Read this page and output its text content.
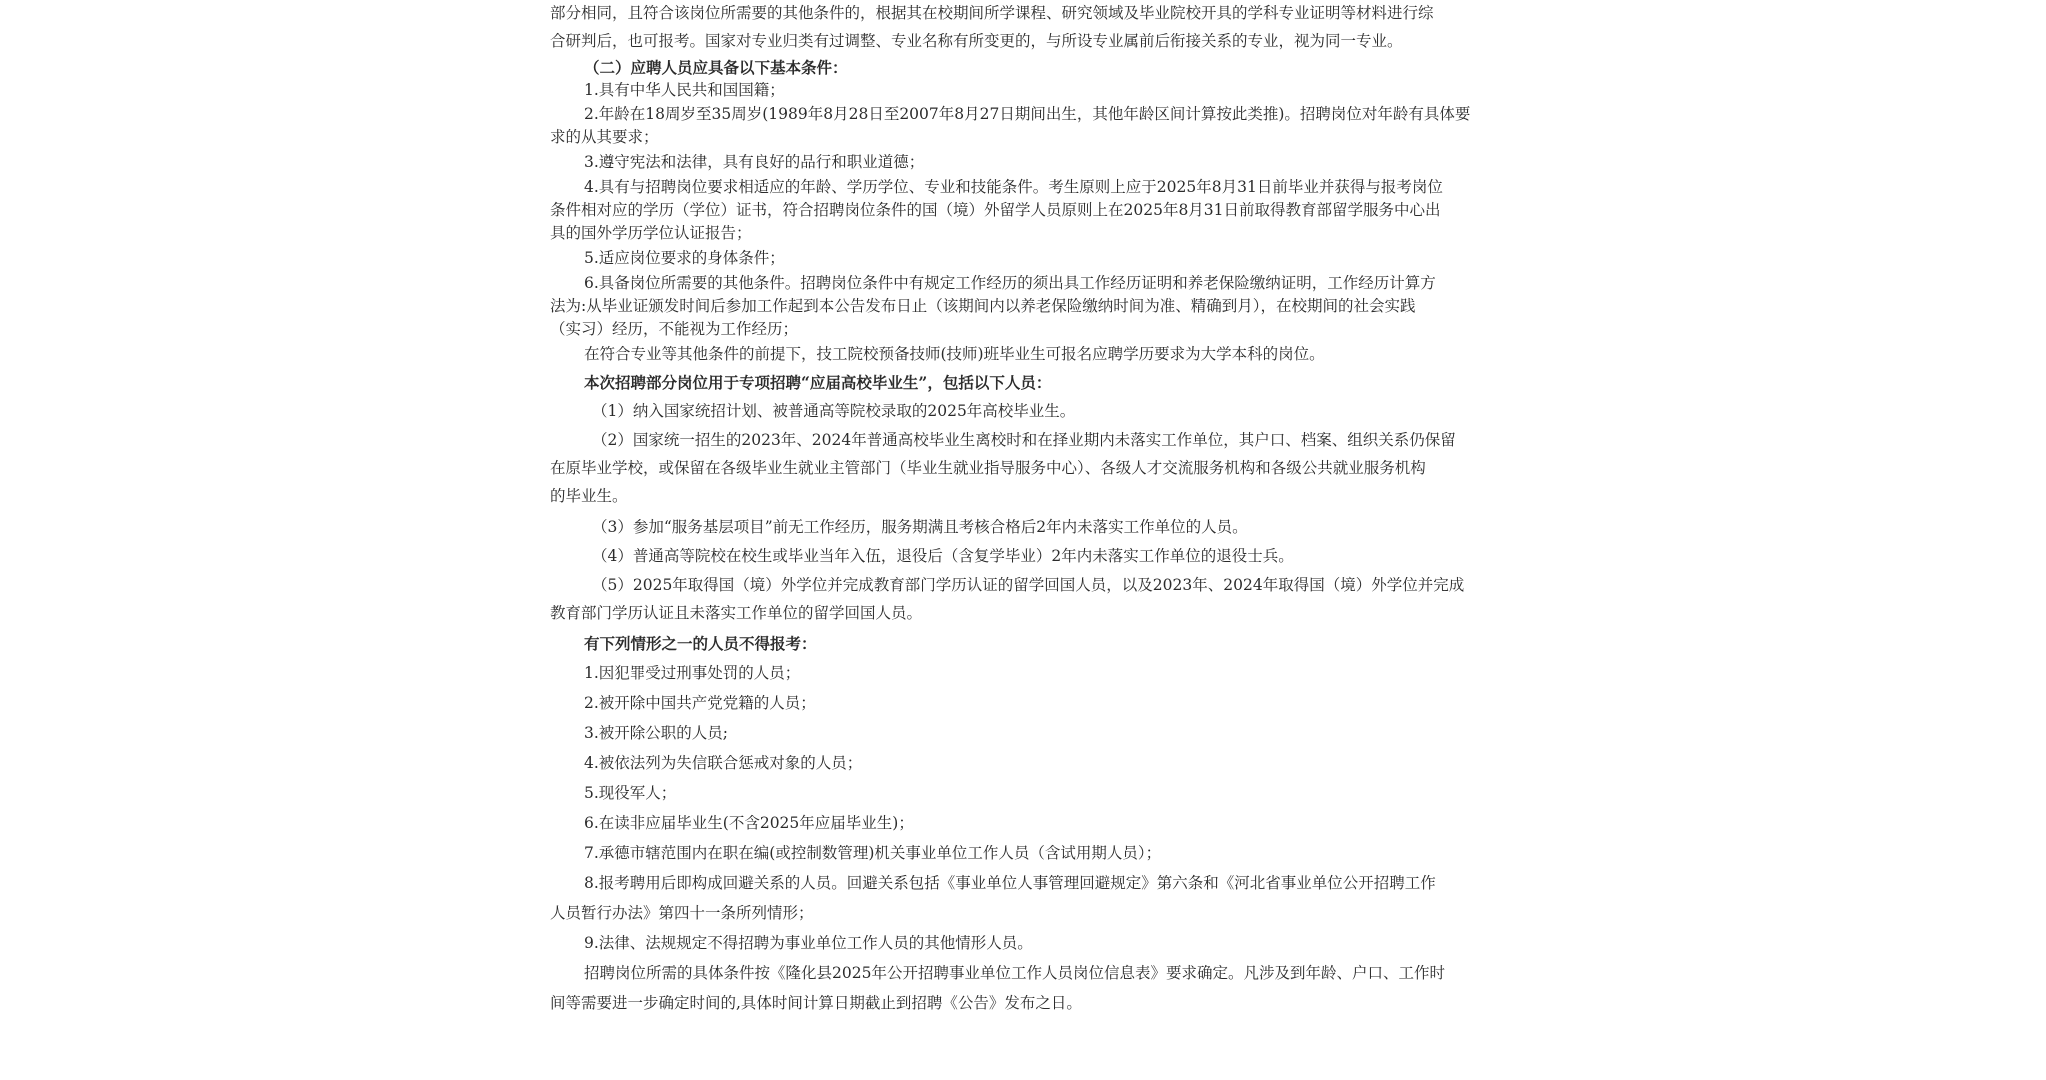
部分相同，且符合该岗位所需要的其他条件的，根据其在校期间所学课程、研究领域及毕业院校开具的学科专业证明等材料进行综
合研判后，也可报考。国家对专业归类有过调整、专业名称有所变更的，与所设专业属前后衔接关系的专业，视为同一专业。

（二）应聘人员应具备以下基本条件：

1.具有中华人民共和国国籍；

2.年龄在18周岁至35周岁(1989年8月28日至2007年8月27日期间出生，其他年龄区间计算按此类推)。招聘岗位对年龄有具体要
求的从其要求；

3.遵守宪法和法律，具有良好的品行和职业道德；

4.具有与招聘岗位要求相适应的年龄、学历学位、专业和技能条件。考生原则上应于2025年8月31日前毕业并获得与报考岗位
条件相对应的学历（学位）证书，符合招聘岗位条件的国（境）外留学人员原则上在2025年8月31日前取得教育部留学服务中心出
具的国外学历学位认证报告；

5.适应岗位要求的身体条件；

6.具备岗位所需要的其他条件。招聘岗位条件中有规定工作经历的须出具工作经历证明和养老保险缴纳证明，工作经历计算方
法为:从毕业证颁发时间后参加工作起到本公告发布日止（该期间内以养老保险缴纳时间为准、精确到月），在校期间的社会实践
（实习）经历，不能视为工作经历；

在符合专业等其他条件的前提下，技工院校预备技师(技师)班毕业生可报名应聘学历要求为大学本科的岗位。

本次招聘部分岗位用于专项招聘“应届高校毕业生”，包括以下人员：

（1）纳入国家统招计划、被普通高等院校录取的2025年高校毕业生。

（2）国家统一招生的2023年、2024年普通高校毕业生离校时和在择业期内未落实工作单位，其户口、档案、组织关系仍保留
在原毕业学校，或保留在各级毕业生就业主管部门（毕业生就业指导服务中心）、各级人才交流服务机构和各级公共就业服务机构
的毕业生。

（3）参加“服务基层项目”前无工作经历，服务期满且考核合格后2年内未落实工作单位的人员。

（4）普通高等院校在校生或毕业当年入伍，退役后（含复学毕业）2年内未落实工作单位的退役士兵。

（5）2025年取得国（境）外学位并完成教育部门学历认证的留学回国人员，以及2023年、2024年取得国（境）外学位并完成
教育部门学历认证且未落实工作单位的留学回国人员。

有下列情形之一的人员不得报考：

1.因犯罪受过刑事处罚的人员；

2.被开除中国共产党党籍的人员；

3.被开除公职的人员;

4.被依法列为失信联合惩戒对象的人员；

5.现役军人；

6.在读非应届毕业生(不含2025年应届毕业生)；

7.承德市辖范围内在职在编(或控制数管理)机关事业单位工作人员（含试用期人员）；

8.报考聘用后即构成回避关系的人员。回避关系包括《事业单位人事管理回避规定》第六条和《河北省事业单位公开招聘工作
人员暂行办法》第四十一条所列情形；

9.法律、法规规定不得招聘为事业单位工作人员的其他情形人员。

招聘岗位所需的具体条件按《隆化县2025年公开招聘事业单位工作人员岗位信息表》要求确定。凡涉及到年龄、户口、工作时
间等需要进一步确定时间的,具体时间计算日期截止到招聘《公告》发布之日。
